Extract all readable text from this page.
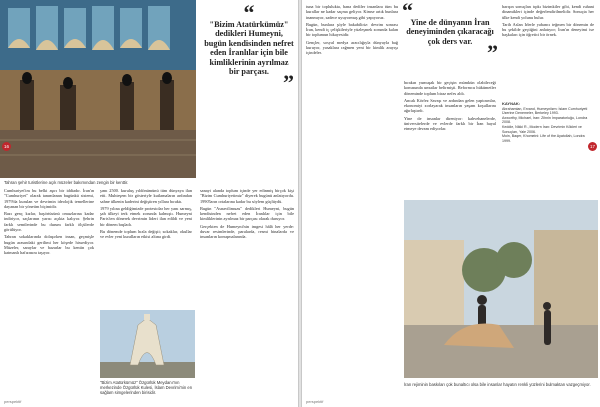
“
"Bizim Atatürkümüz" dedikleri Humeyni, bugün kendisinden nefret eden İranlılar için bile kimliklerinin ayrılmaz bir parçası. ”
Tahran şehir turistlerine açık müzeler bakımından zengin bir kenttir.

Cumhuriyet'im bu belki aşırı bir iddiadır. İran'ın "Cumhuriyet" olarak tanımlanan bugünkü sistemi, 1979'da kurulan ve devrimin ideolojik temellerine dayanan bir yönetim biçimidir.

Bazı genç kızlar, başörtüsünü omuzlarına kadar indiriyor, saçlarının yarısı açıkta kalıyor. Şehrin farklı semtlerinde bu durum farklı ölçülerde görülüyor.

Tahran sokaklarında dolaşırken insan, geçmişle bugün arasındaki gerilimi her köşede hissediyor. Müzeler, saraylar ve bazarlar bu kentin çok katmanlı hafızasını taşıyor.

şımı 2500. kuruluş yıldönümünü tüm dünyaya ilan etti. Muhteşem bir gösteriyle kutlamaların ardından sahne ülkenin kaderini değiştiren yıllara bıraktı.

1979 yılına geldiğimizde protestolar her yanı sarmış, şah ülkeyi terk etmek zorunda kalmıştı. Humeyni Paris'ten dönerek devrimin lideri ilan edildi ve yeni bir dönem başladı.

Bu dönemde toplum hızla değişti; sokaklar, okullar ve evler yeni kuralların etkisi altına girdi.

sanayi alanda toplum içinde yer edinmiş birçok kişi "Bizim Cumhuriyetimiz" diyerek bugünü anlatıyordu. 1990'ların ortalarına kadar bu söylem güçlüydü.

Bugün "Asnavilimuzu" dedikleri Humeyni, bugün kendisinden nefret eden İranlılar için bile kimliklerinin ayrılmaz bir parçası olarak duruyor.

Gerçekten de Humeyni'nin imgesi hâlâ her yerde: duvar resimlerinde, paralarda, resmi binalarda ve insanların konuşmalarında.

"Bizim Atatürkümüz" Özgürlük Meydanı'nın merkezinde Özgürlük Kulesi, İslam Devrimi'nin en sağlam simgelerinden birisidir.
16
perspektif

tuna bir toplulukta, bana dediler insanlara tüm bu kurallar ne kadar saçma geliyor. Kimse artık bunlara inanmıyor, sadece uyuyormuş gibi yapıyoruz.

Bugün, bunlara şöyle bakabiliriz: devrim sonrası İran, kendi iç çelişkileriyle yüzleşmek zorunda kalan bir toplumun hikayesidir.

Gençler, sosyal medya aracılığıyla dünyayla bağ kuruyor, yasaklara rağmen yeni bir kimlik arayışı içindeler.

“
Yine de dünyanın İran deneyiminden çıkaracağı çok ders var. ”

bırakın yumuşak bir geçişin mümkün olabileceği konusunda umutlar belirmişti. Reformcu hükümetler döneminde toplum biraz nefes aldı.

Ancak Körfez Savaşı ve ardından gelen yaptırımlar, ekonomiyi zorlayarak insanların yaşam koşullarını ağırlaştırdı.

Yine de insanlar direniyor: kahvehanelerde, üniversitelerde ve evlerde farklı bir İran hayal etmeye devam ediyorlar.

barışın sonuçları tıpkı bizimkiler gibi, kendi ruhani dinamikleri içinde değerlendirilmelidir. Sonuçta her ülke kendi yolunu bulur.

Tarih Aslan Irlerle yabancı teğmen bir dönemin de bu şekilde geçtiğini anlatıyor; İran'ın deneyimi ise başkaları için öğretici bir örnek.

KAYNAK:
Abrahamian, Ervand, Humeyniizm: İslam Cumhuriyeti Üzerine Denemeler, Berkeley 1993.
Axworthy, Michael, İran: Zihnin İmparatorluğu, Londra 2008.
Keddie, Nikki R., Modern İran: Devrimin Kökleri ve Sonuçları, Yale 2006.
Moin, Baqer, Khomeini: Life of the Ayatollah, Londra 1999.
İran rejiminin baskıları çok bunaltıcı olsa bile insanlar hayatın renkli yüzlerini bulmaktan vazgeçmiyor.
17
perspektif
